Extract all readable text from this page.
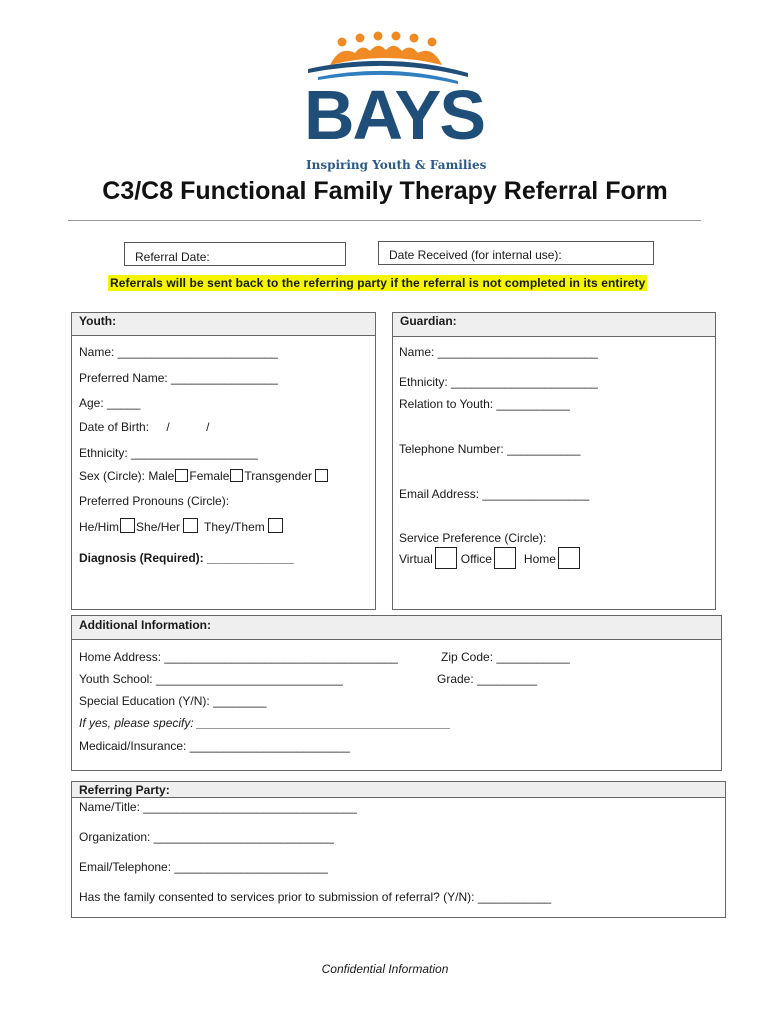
BAYS
Inspiring Youth & Families
C3/C8 Functional Family Therapy Referral Form
Referral Date:	Date Received (for internal use):
Referrals will be sent back to the referring party if the referral is not completed in its entirety
Youth:
Name: ________________________
Preferred Name: ________________
Age: _____
Date of Birth: /	/
Ethnicity: ___________________
Sex (Circle): Male Female Transgender
Preferred Pronouns (Circle):
He/Him She/Her They/Them
Diagnosis (Required): _____________
Guardian:
Name: ________________________
Ethnicity: ______________________
Relation to Youth: ___________
Telephone Number: ___________
Email Address: ________________
Service Preference (Circle):
Virtual Office	Home
Additional Information:
Home Address: ___________________________________	Zip Code: ___________
Youth School: ____________________________	Grade: _________
Special Education (Y/N): ________
If yes, please specify: ______________________________________
Medicaid/Insurance: ________________________
Referring Party:
Name/Title: ________________________________
Organization: ___________________________
Email/Telephone: _______________________
Has the family consented to services prior to submission of referral? (Y/N): ___________
Confidential Information
